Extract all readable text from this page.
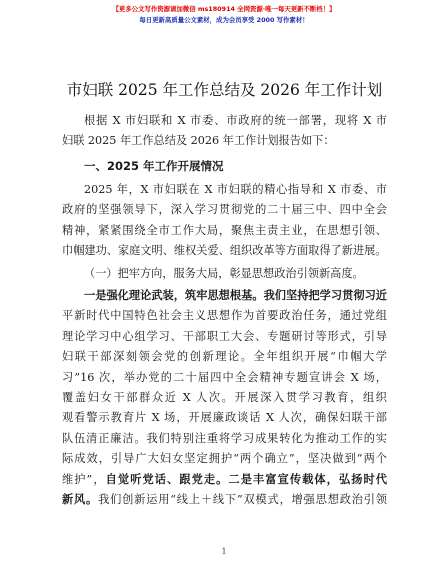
【更多公文写作资源请加微信 ms180914 全网资源·唯一每天更新不断档！】
每日更新高质量公文素材，成为会员享受 2000 写作素材！
市妇联 2025 年工作总结及 2026 年工作计划
根据 X 市妇联和 X 市委、市政府的统一部署，现将 X 市
妇联 2025 年工作总结及 2026 年工作计划报告如下：
一、2025 年工作开展情况
2025 年，X 市妇联在 X 市妇联的精心指导和 X 市委、市
政府的坚强领导下，深入学习贯彻党的二十届三中、四中全会
精神，紧紧围绕全市工作大局，聚焦主责主业，在思想引领、
巾帼建功、家庭文明、维权关爱、组织改革等方面取得了新进展。
（一）把牢方向，服务大局，彰显思想政治引领新高度。
一是强化理论武装，筑牢思想根基。我们坚持把学习贯彻习近
平新时代中国特色社会主义思想作为首要政治任务，通过党组
理论学习中心组学习、干部职工大会、专题研讨等形式，引导
妇联干部深刻领会党的创新理论。全年组织开展“巾帼大学
习”16 次，举办党的二十届四中全会精神专题宣讲会 X 场，
覆盖妇女干部群众近 X 人次。开展深入贯学习教育，组织
观看警示教育片 X 场，开展廉政谈话 X 人次，确保妇联干部
队伍清正廉洁。我们特别注重将学习成果转化为推动工作的实
际成效，引导广大妇女坚定拥护“两个确立”，坚决做到“两个
维护”，自觉听党话、跟党走。二是丰富宣传载体，弘扬时代
新风。我们创新运用“线上＋线下”双模式，增强思想政治引领
1
